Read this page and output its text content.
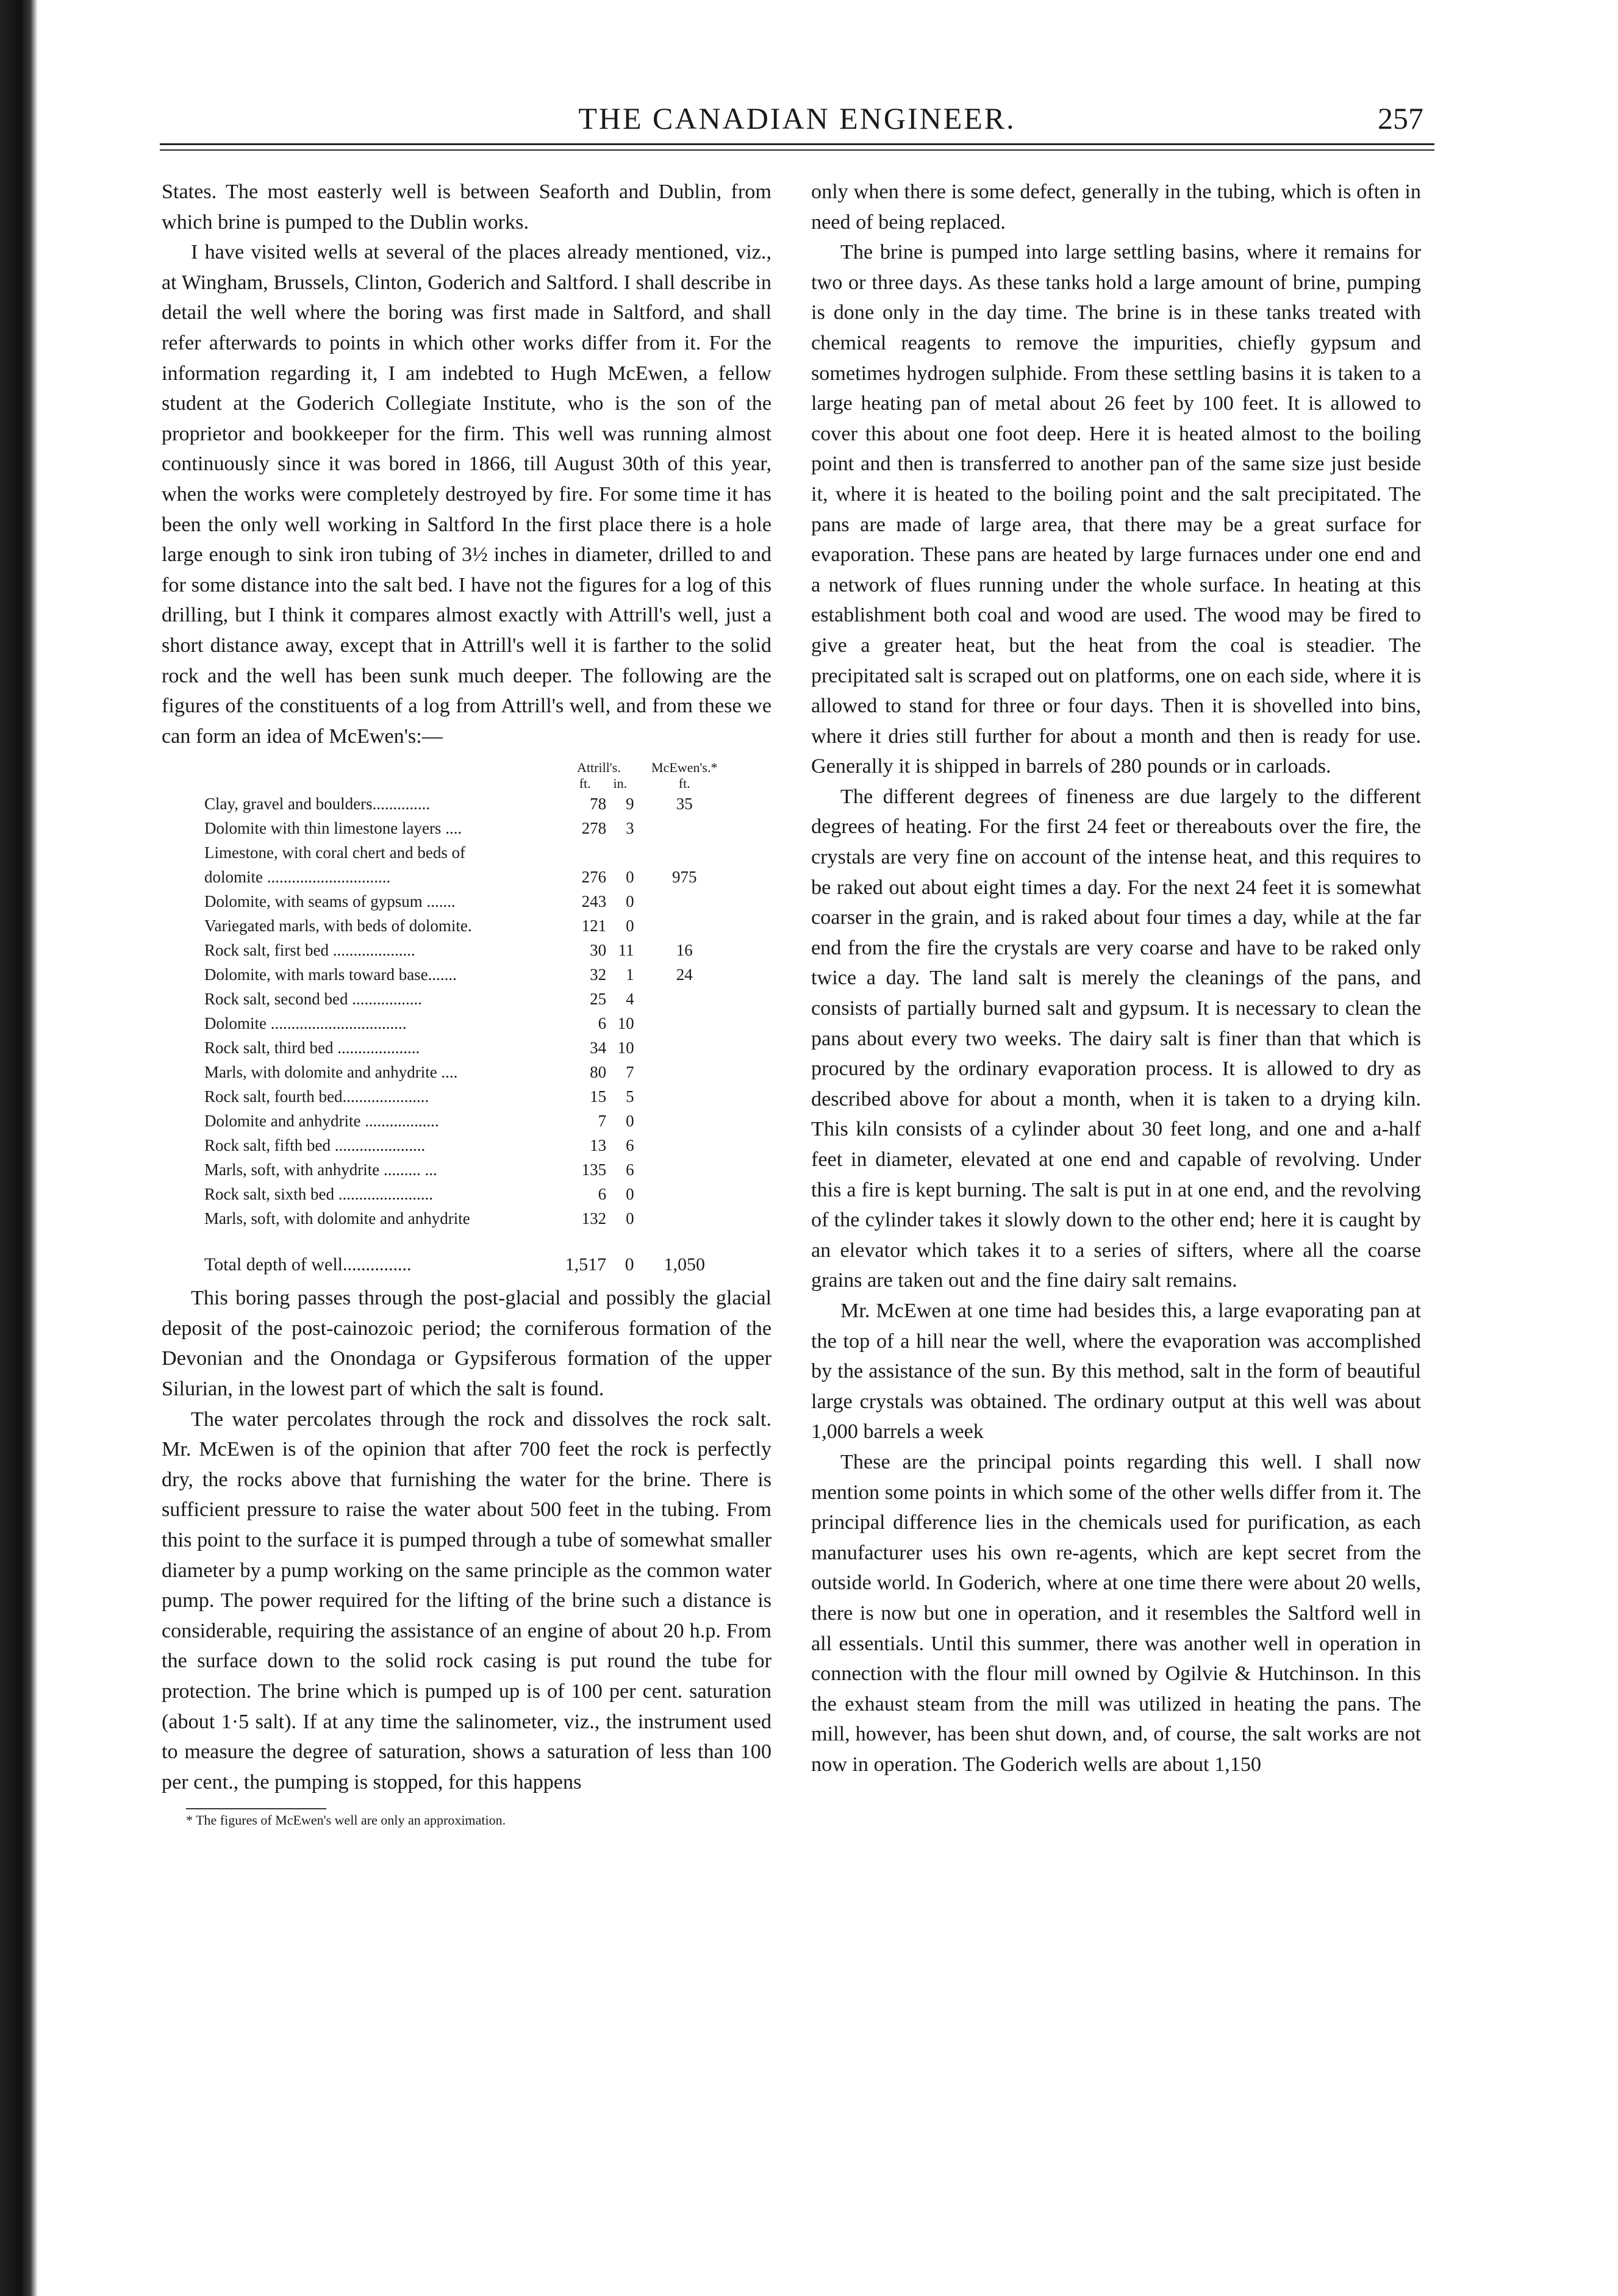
THE CANADIAN ENGINEER.	257

States. The most easterly well is between Seaforth and Dublin, from which brine is pumped to the Dublin works.

I have visited wells at several of the places already mentioned, viz., at Wingham, Brussels, Clinton, Goderich and Saltford. I shall describe in detail the well where the boring was first made in Saltford, and shall refer afterwards to points in which other works differ from it. For the information regarding it, I am indebted to Hugh McEwen, a fellow student at the Goderich Collegiate Institute, who is the son of the proprietor and bookkeeper for the firm. This well was running almost continuously since it was bored in 1866, till August 30th of this year, when the works were completely destroyed by fire. For some time it has been the only well working in Saltford In the first place there is a hole large enough to sink iron tubing of 3½ inches in diameter, drilled to and for some distance into the salt bed. I have not the figures for a log of this drilling, but I think it compares almost exactly with Attrill's well, just a short distance away, except that in Attrill's well it is farther to the solid rock and the well has been sunk much deeper. The following are the figures of the constituents of a log from Attrill's well, and from these we can form an idea of McEwen's:—

	Attrill's.		McEwen's.*
	ft.	in.	ft.
Clay, gravel and boulders..............	78	9	35
Dolomite with thin limestone layers ....	278	3	
Limestone, with coral chert and beds of			
dolomite ..............................	276	0	975
Dolomite, with seams of gypsum .......	243	0	
Variegated marls, with beds of dolomite.	121	0	
Rock salt, first bed ....................	30	11	16
Dolomite, with marls toward base.......	32	1	24
Rock salt, second bed .................	25	4	
Dolomite .................................	6	10	
Rock salt, third bed ....................	34	10	
Marls, with dolomite and anhydrite ....	80	7	
Rock salt, fourth bed.....................	15	5	
Dolomite and anhydrite ..................	7	0	
Rock salt, fifth bed ......................	13	6	
Marls, soft, with anhydrite ......... ...	135	6	
Rock salt, sixth bed .......................	6	0	
Marls, soft, with dolomite and anhydrite	132	0	
Total depth of well...............	1,517	0	1,050

This boring passes through the post-glacial and possibly the glacial deposit of the post-cainozoic period; the corniferous formation of the Devonian and the Onondaga or Gypsiferous formation of the upper Silurian, in the lowest part of which the salt is found.

The water percolates through the rock and dissolves the rock salt. Mr. McEwen is of the opinion that after 700 feet the rock is perfectly dry, the rocks above that furnishing the water for the brine. There is sufficient pressure to raise the water about 500 feet in the tubing. From this point to the surface it is pumped through a tube of somewhat smaller diameter by a pump working on the same principle as the common water pump. The power required for the lifting of the brine such a distance is considerable, requiring the assistance of an engine of about 20 h.p. From the surface down to the solid rock casing is put round the tube for protection. The brine which is pumped up is of 100 per cent. saturation (about 1·5 salt). If at any time the salinometer, viz., the instrument used to measure the degree of saturation, shows a saturation of less than 100 per cent., the pumping is stopped, for this happens

* The figures of McEwen's well are only an approximation.

only when there is some defect, generally in the tubing, which is often in need of being replaced.

The brine is pumped into large settling basins, where it remains for two or three days. As these tanks hold a large amount of brine, pumping is done only in the day time. The brine is in these tanks treated with chemical reagents to remove the impurities, chiefly gypsum and sometimes hydrogen sulphide. From these settling basins it is taken to a large heating pan of metal about 26 feet by 100 feet. It is allowed to cover this about one foot deep. Here it is heated almost to the boiling point and then is transferred to another pan of the same size just beside it, where it is heated to the boiling point and the salt precipitated. The pans are made of large area, that there may be a great surface for evaporation. These pans are heated by large furnaces under one end and a network of flues running under the whole surface. In heating at this establishment both coal and wood are used. The wood may be fired to give a greater heat, but the heat from the coal is steadier. The precipitated salt is scraped out on platforms, one on each side, where it is allowed to stand for three or four days. Then it is shovelled into bins, where it dries still further for about a month and then is ready for use. Generally it is shipped in barrels of 280 pounds or in carloads.

The different degrees of fineness are due largely to the different degrees of heating. For the first 24 feet or thereabouts over the fire, the crystals are very fine on account of the intense heat, and this requires to be raked out about eight times a day. For the next 24 feet it is somewhat coarser in the grain, and is raked about four times a day, while at the far end from the fire the crystals are very coarse and have to be raked only twice a day. The land salt is merely the cleanings of the pans, and consists of partially burned salt and gypsum. It is necessary to clean the pans about every two weeks. The dairy salt is finer than that which is procured by the ordinary evaporation process. It is allowed to dry as described above for about a month, when it is taken to a drying kiln. This kiln consists of a cylinder about 30 feet long, and one and a-half feet in diameter, elevated at one end and capable of revolving. Under this a fire is kept burning. The salt is put in at one end, and the revolving of the cylinder takes it slowly down to the other end; here it is caught by an elevator which takes it to a series of sifters, where all the coarse grains are taken out and the fine dairy salt remains.

Mr. McEwen at one time had besides this, a large evaporating pan at the top of a hill near the well, where the evaporation was accomplished by the assistance of the sun. By this method, salt in the form of beautiful large crystals was obtained. The ordinary output at this well was about 1,000 barrels a week

These are the principal points regarding this well. I shall now mention some points in which some of the other wells differ from it. The principal difference lies in the chemicals used for purification, as each manufacturer uses his own re-agents, which are kept secret from the outside world. In Goderich, where at one time there were about 20 wells, there is now but one in operation, and it resembles the Saltford well in all essentials. Until this summer, there was another well in operation in connection with the flour mill owned by Ogilvie & Hutchinson. In this the exhaust steam from the mill was utilized in heating the pans. The mill, however, has been shut down, and, of course, the salt works are not now in operation. The Goderich wells are about 1,150
